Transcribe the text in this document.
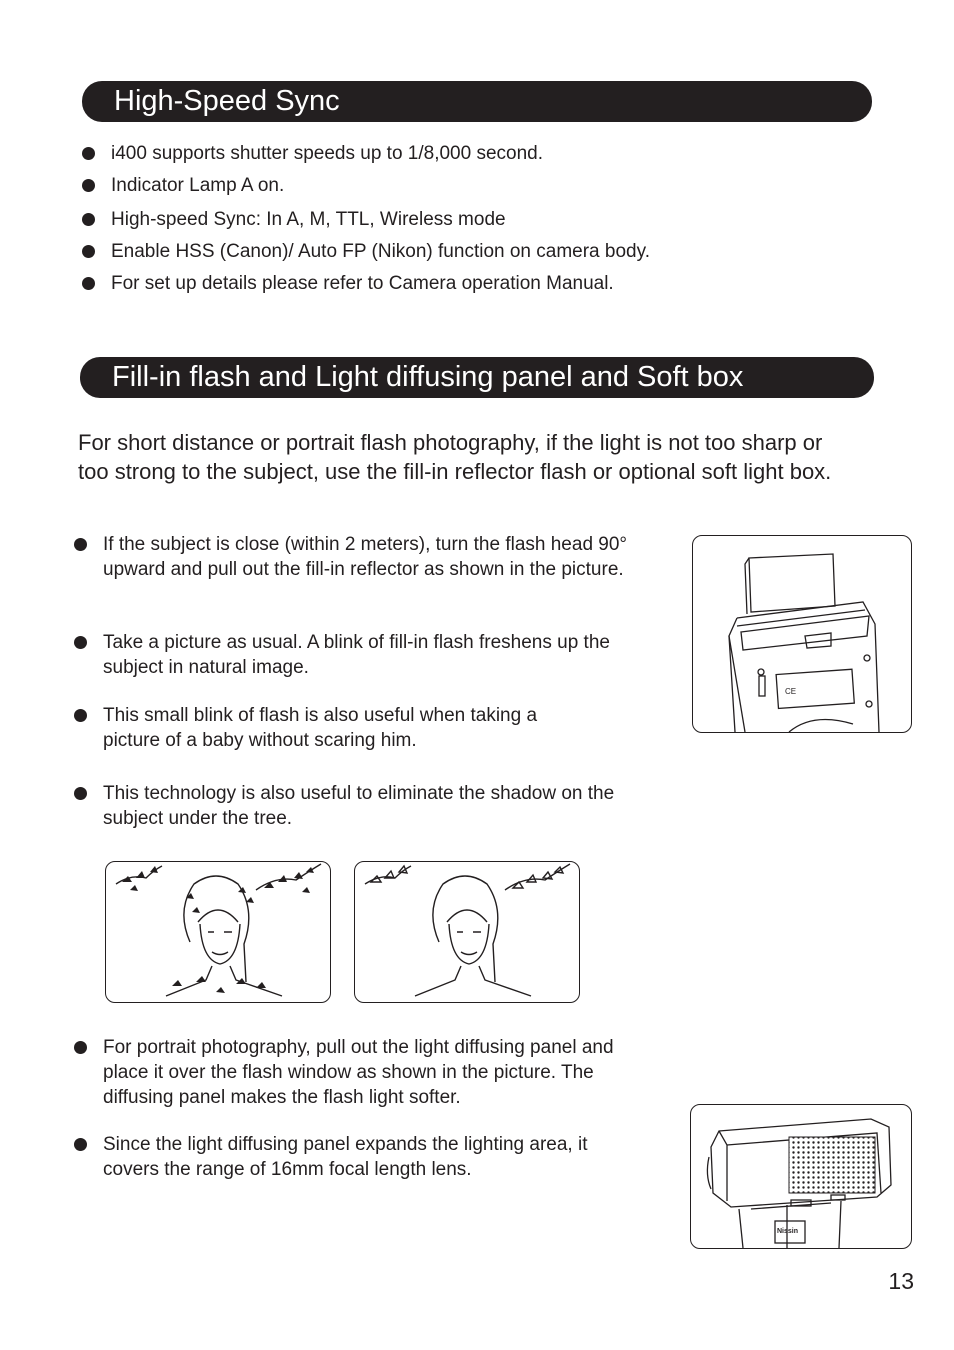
High-Speed Sync
i400 supports shutter speeds up to 1/8,000 second.
Indicator Lamp A on.
High-speed Sync: In A, M, TTL, Wireless mode
Enable HSS (Canon)/ Auto FP (Nikon) function on camera body.
For set up details please refer to Camera operation Manual.
Fill-in flash and Light diffusing panel and Soft box
For short distance or portrait flash photography, if the light is not too sharp or too strong to the subject, use the fill-in reflector flash or optional soft light box.
If the subject is close (within 2 meters), turn the flash head 90° upward and pull out the fill-in reflector as shown in the picture.
Take a picture as usual. A blink of fill-in flash freshens up the subject in natural image.
This small blink of flash is also useful when taking a picture of a baby without scaring him.
This technology is also useful to eliminate the shadow on the subject under the tree.
For portrait photography, pull out the light diffusing panel and place it over the flash window as shown in the picture. The diffusing panel makes the flash light softer.
Since the light diffusing panel expands the lighting area, it covers the range of 16mm focal length lens.
CE
Nissin
13
